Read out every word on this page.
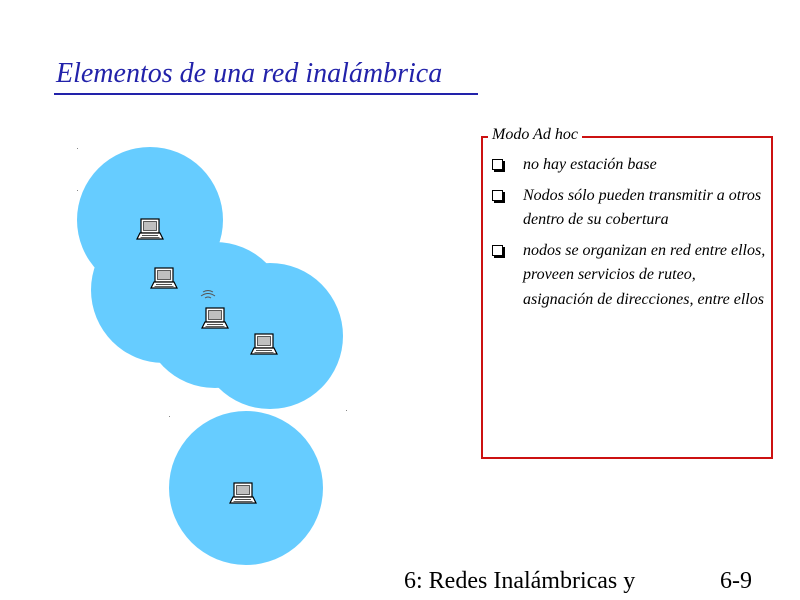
Elementos de una red inalámbrica
Modo Ad hoc
no hay estación base
Nodos sólo pueden transmitir a otros dentro de su cobertura
nodos se organizan en red entre ellos, proveen servicios de ruteo, asignación de direcciones, entre ellos
6: Redes Inalámbricas y	6-9
